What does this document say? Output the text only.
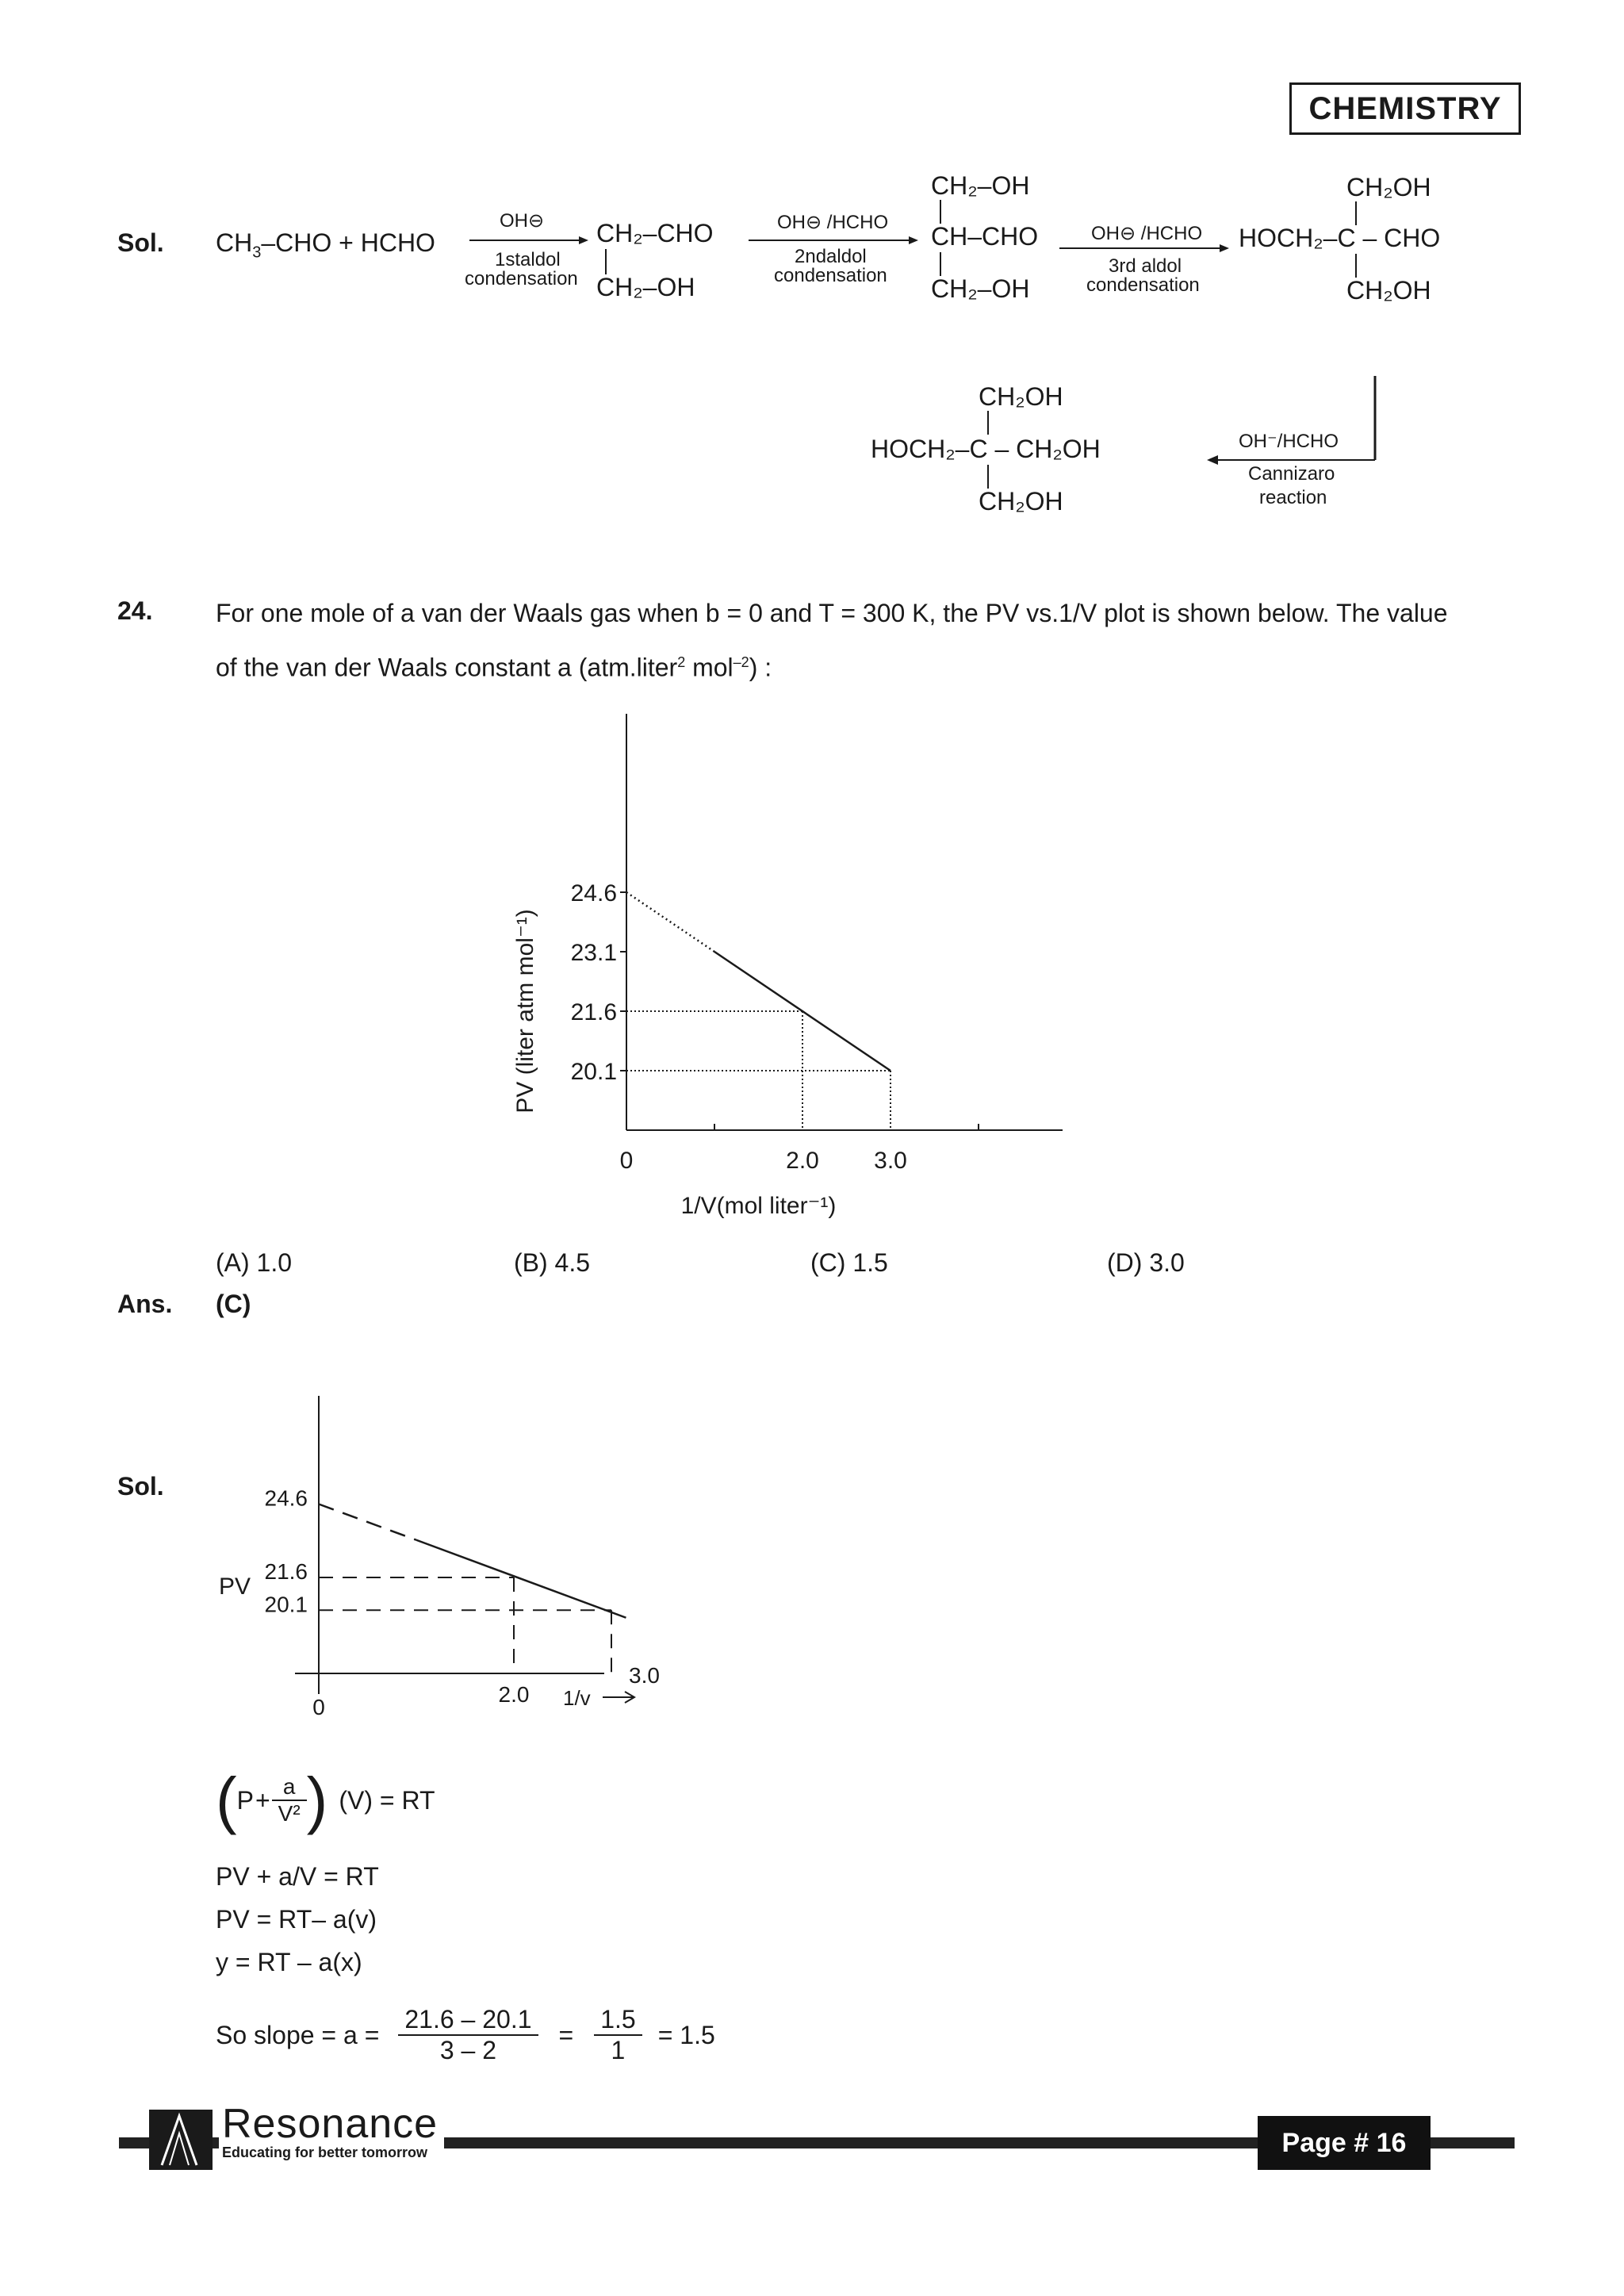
CHEMISTRY
Sol. $CH_3$–CHO + HCHO
OH⊖
1staldol
condensation
CH₂–CHO
CH₂–OH
OH⊖ /HCHO
2ndaldol
condensation
CH₂–OH
CH–CHO
CH₂–OH
OH⊖ /HCHO
3rd aldol
condensation
CH₂OH
HOCH₂–C – CHO
CH₂OH
OH⁻/HCHO
Cannizaro
reaction
CH₂OH
HOCH₂–C – CH₂OH
CH₂OH
24. For one mole of a van der Waals gas when b = 0 and T = 300 K, the PV vs.1/V plot is shown below. The value
of the van der Waals constant a (atm.liter$^2$ mol$^{-2}$) :
24.6
23.1
21.6
20.1
0	2.0 3.0
1/V(mol liter⁻¹)
PV (liter atm mol⁻¹)
(A) 1.0	(B) 4.5	(C) 1.5	(D) 3.0
Ans. (C)
Sol.	24.6
21.6
20.1
PV
0
2.0
3.0
1/v
( $P + \frac{a}{\text{V²}}$ ) (V) = RT
PV + a/V = RT
PV = RT– a(v)
y = RT – a(x)
So slope = $a = \frac{21.6 - 20.1}{3 - 2} = \frac{1.5}{1} = 1.5$
Resonance
Educating for better tomorrow	Page # 16
